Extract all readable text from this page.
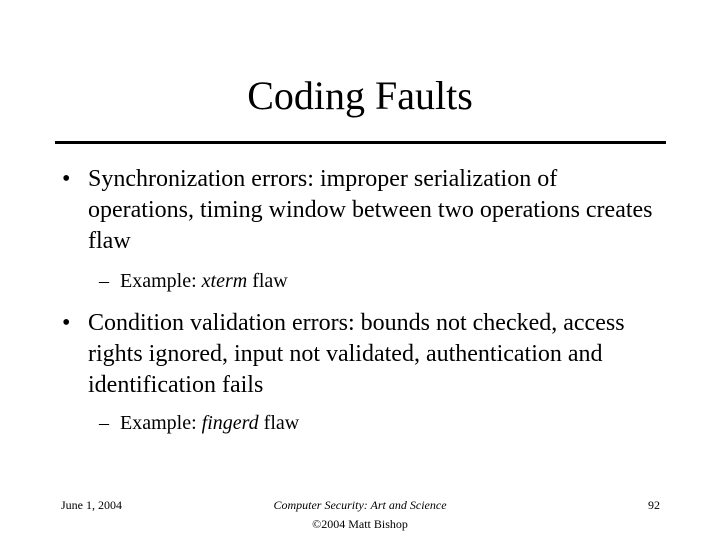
Coding Faults
• Synchronization errors: improper serialization of operations, timing window between two operations creates flaw
– Example: xterm flaw
• Condition validation errors: bounds not checked, access rights ignored, input not validated, authentication and identification fails
– Example: fingerd flaw
June 1, 2004	Computer Security: Art and Science
©2004 Matt Bishop
92
